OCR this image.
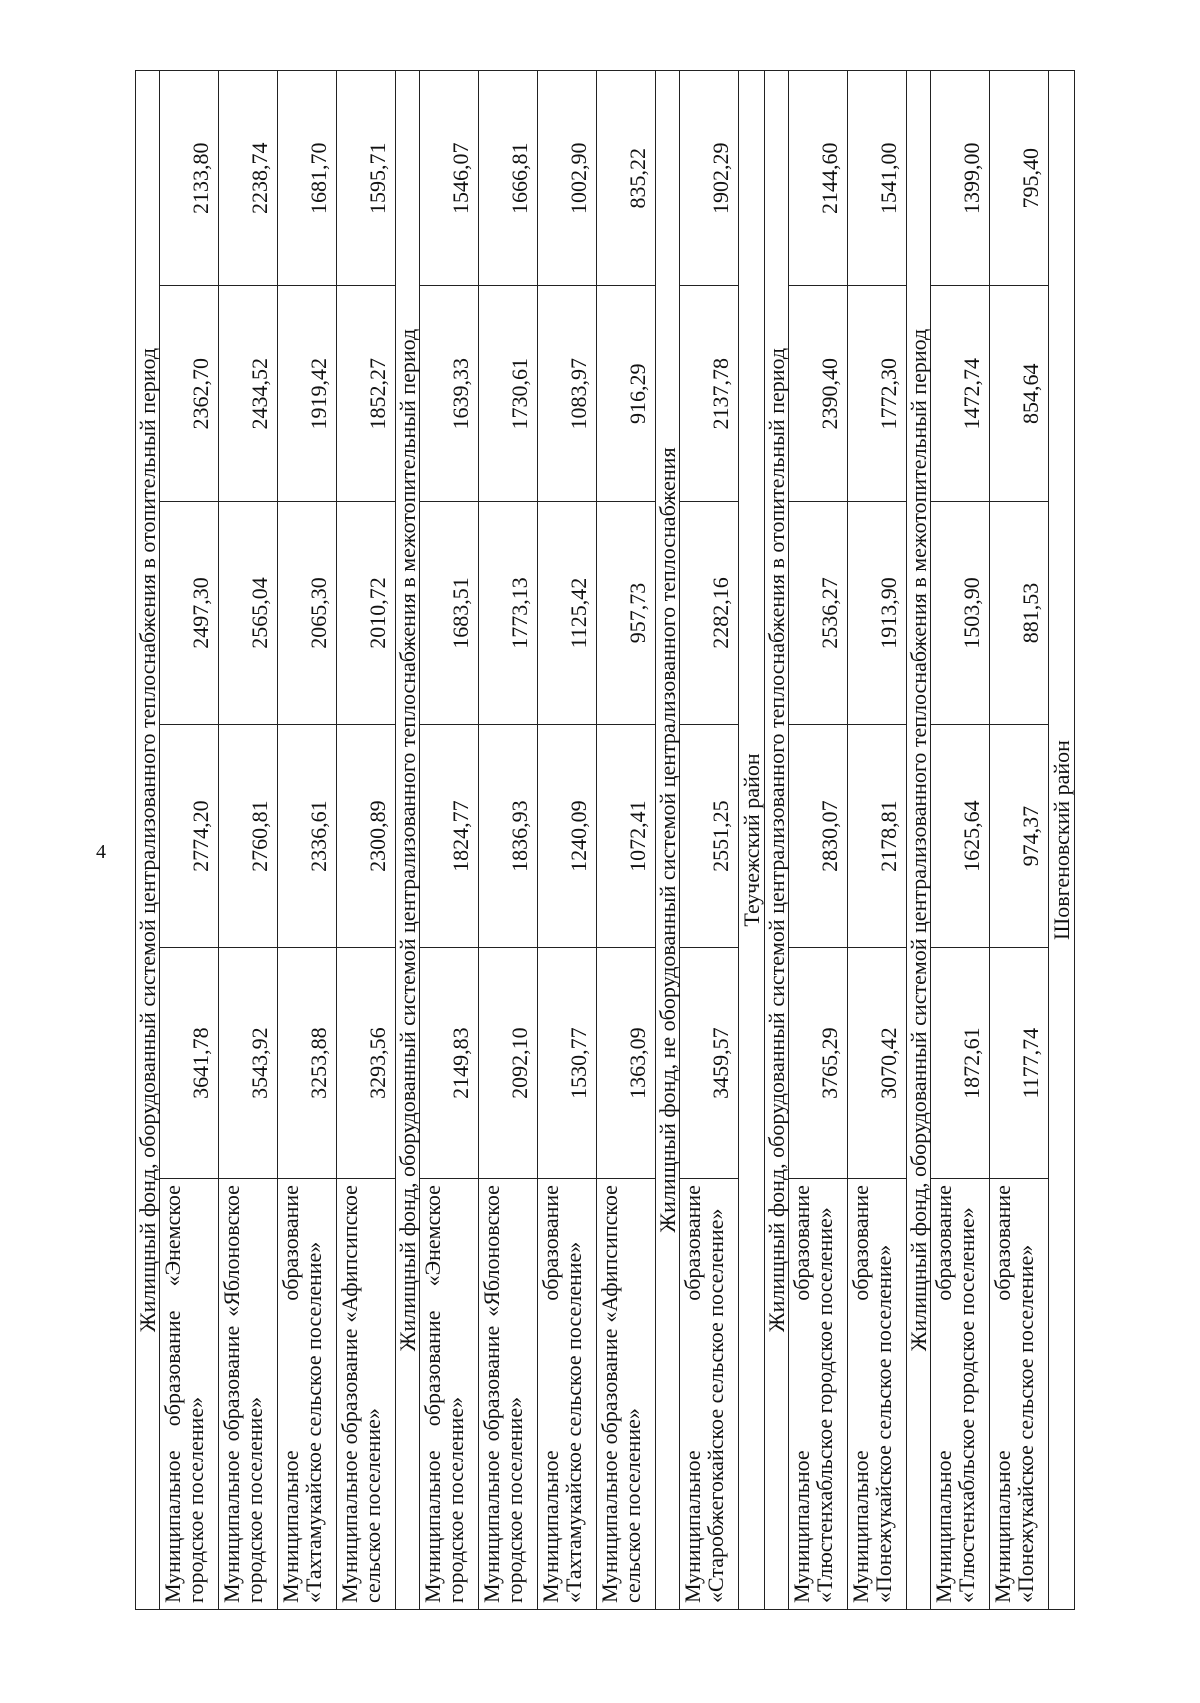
4	Жилищный фонд, оборудованный системой централизованного теплоснабжения в отопительный период					
Муниципальное образование «Энемское городское поселение»	3641,78	2774,20	2497,30	2362,70	2133,80
Муниципальное образование «Яблоновское городское поселение»	3543,92	2760,81	2565,04	2434,52	2238,74
Муниципальное образование «Тахтамукайское сельское поселение»	3253,88	2336,61	2065,30	1919,42	1681,70
Муниципальное образование «Афипсипское сельское поселение»	3293,56	2300,89	2010,72	1852,27	1595,71
Жилищный фонд, оборудованный системой централизованного теплоснабжения в межотопительный период					
Муниципальное образование «Энемское городское поселение»	2149,83	1824,77	1683,51	1639,33	1546,07
Муниципальное образование «Яблоновское городское поселение»	2092,10	1836,93	1773,13	1730,61	1666,81
Муниципальное образование «Тахтамукайское сельское поселение»	1530,77	1240,09	1125,42	1083,97	1002,90
Муниципальное образование «Афипсипское сельское поселение»	1363,09	1072,41	957,73	916,29	835,22
Жилищный фонд, не оборудованный системой централизованного теплоснабжения					
Муниципальное образование «Старобжегокайское сельское поселение»	3459,57	2551,25	2282,16	2137,78	1902,29
Теучежский район					
Жилищный фонд, оборудованный системой централизованного теплоснабжения в отопительный период					
Муниципальное образование «Тлюстенхабльское городское поселение»	3765,29	2830,07	2536,27	2390,40	2144,60
Муниципальное образование «Понежукайское сельское поселение»	3070,42	2178,81	1913,90	1772,30	1541,00
Жилищный фонд, оборудованный системой централизованного теплоснабжения в межотопительный период					
Муниципальное образование «Тлюстенхабльское городское поселение»	1872,61	1625,64	1503,90	1472,74	1399,00
Муниципальное образование «Понежукайское сельское поселение»	1177,74	974,37	881,53	854,64	795,40
Шовгеновский район					
